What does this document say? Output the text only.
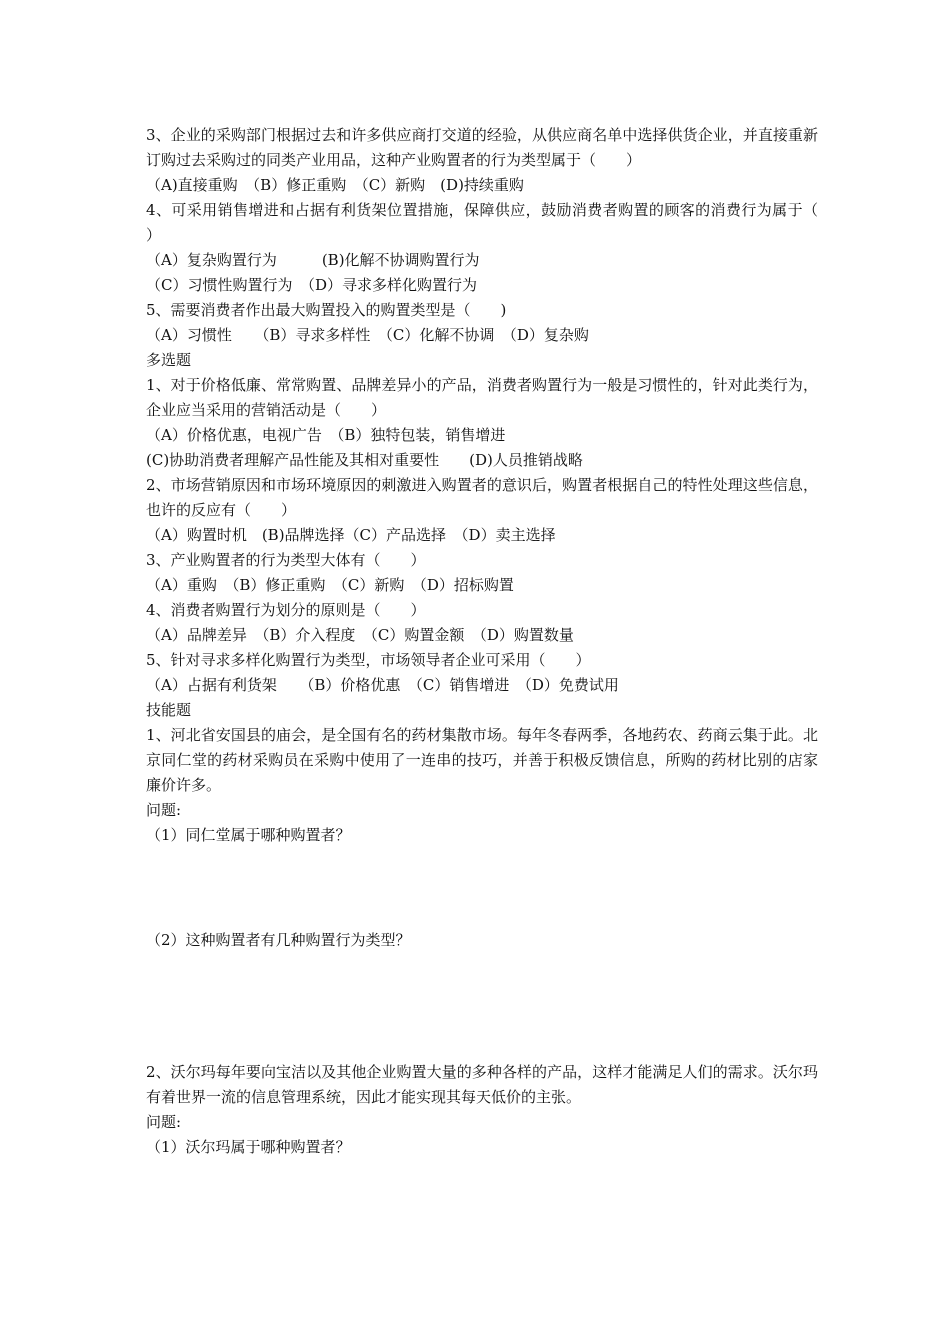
3、企业的采购部门根据过去和许多供应商打交道的经验，从供应商名单中选择供货企业，并直接重新订购过去采购过的同类产业用品，这种产业购置者的行为类型属于（　　）
（A)直接重购　（B）修正重购　（C）新购　(D)持续重购
4、可采用销售增进和占据有利货架位置措施，保障供应，鼓励消费者购置的顾客的消费行为属于（　　）
（A）复杂购置行为　　　(B)化解不协调购置行为
（C）习惯性购置行为　（D）寻求多样化购置行为
5、需要消费者作出最大购置投入的购置类型是（　　)
（A）习惯性　　（B）寻求多样性　（C）化解不协调　（D）复杂购
多选题
1、对于价格低廉、常常购置、品牌差异小的产品，消费者购置行为一般是习惯性的，针对此类行为，企业应当采用的营销活动是（　　）
（A）价格优惠，电视广告　（B）独特包装，销售增进
(C)协助消费者理解产品性能及其相对重要性　　(D)人员推销战略
2、市场营销原因和市场环境原因的刺激进入购置者的意识后，购置者根据自己的特性处理这些信息，也许的反应有（　　）
（A）购置时机　(B)品牌选择（C）产品选择　（D）卖主选择
3、产业购置者的行为类型大体有（　　）
（A）重购　（B）修正重购　（C）新购　（D）招标购置
4、消费者购置行为划分的原则是（　　）
（A）品牌差异　（B）介入程度　（C）购置金额　（D）购置数量
5、针对寻求多样化购置行为类型，市场领导者企业可采用（　　）
（A）占据有利货架　　（B）价格优惠　（C）销售增进　（D）免费试用
技能题
1、河北省安国县的庙会，是全国有名的药材集散市场。每年冬春两季，各地药农、药商云集于此。北京同仁堂的药材采购员在采购中使用了一连串的技巧，并善于积极反馈信息，所购的药材比别的店家廉价许多。
问题:
（1）同仁堂属于哪种购置者？
（2）这种购置者有几种购置行为类型？
2、沃尔玛每年要向宝洁以及其他企业购置大量的多种各样的产品，这样才能满足人们的需求。沃尔玛有着世界一流的信息管理系统，因此才能实现其每天低价的主张。
问题:
（1）沃尔玛属于哪种购置者？
